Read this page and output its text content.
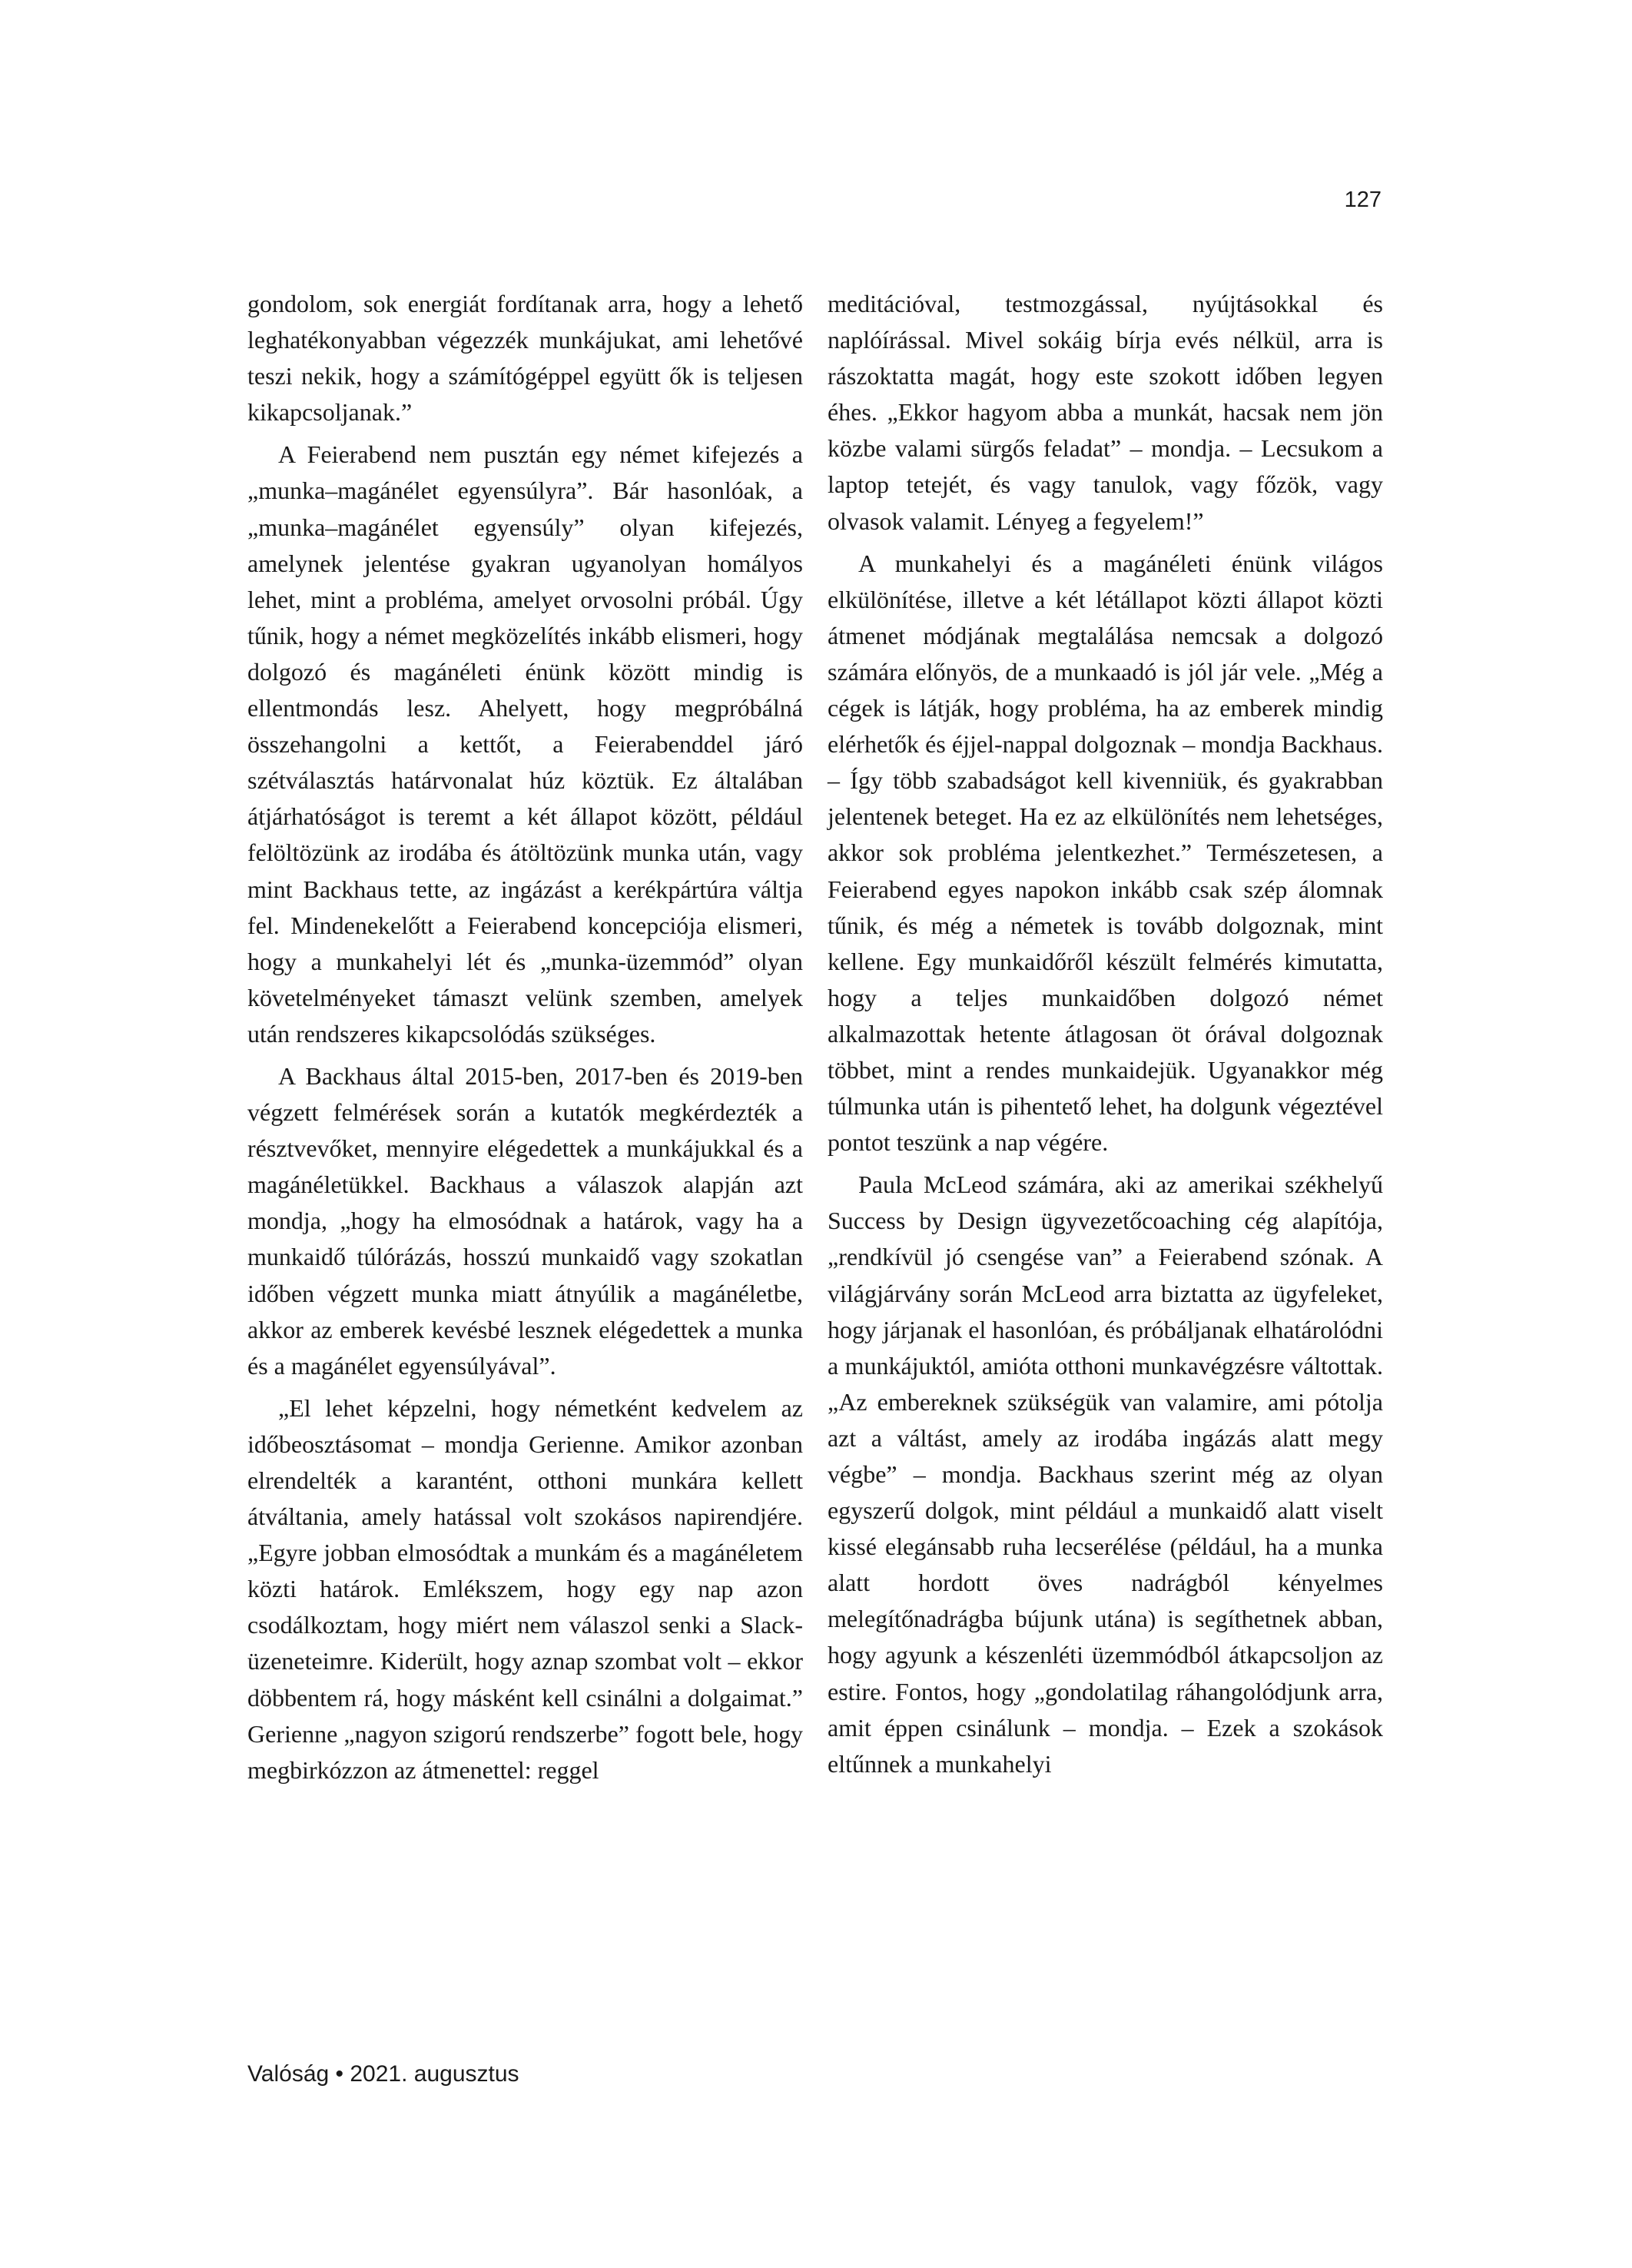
127

gondolom, sok energiát fordítanak arra, hogy a lehető leghatékonyabban végezzék munkájukat, ami lehetővé teszi nekik, hogy a számítógéppel együtt ők is teljesen kikapcsoljanak.”

A Feierabend nem pusztán egy német kifejezés a „munka–magánélet egyensúlyra”. Bár hasonlóak, a „munka–magánélet egyensúly” olyan kifejezés, amelynek jelentése gyakran ugyanolyan homályos lehet, mint a probléma, amelyet orvosolni próbál. Úgy tűnik, hogy a német megközelítés inkább elismeri, hogy dolgozó és magánéleti énünk között mindig is ellentmondás lesz. Ahelyett, hogy megpróbálná összehangolni a kettőt, a Feierabenddel járó szétválasztás határvonalat húz köztük. Ez általában átjárhatóságot is teremt a két állapot között, például felöltözünk az irodába és átöltözünk munka után, vagy mint Backhaus tette, az ingázást a kerékpártúra váltja fel. Mindenekelőtt a Feierabend koncepciója elismeri, hogy a munkahelyi lét és „munka-üzemmód” olyan követelményeket támaszt velünk szemben, amelyek után rendszeres kikapcsolódás szükséges.

A Backhaus által 2015-ben, 2017-ben és 2019-ben végzett felmérések során a kutatók megkérdezték a résztvevőket, mennyire elégedettek a munkájukkal és a magánéletükkel. Backhaus a válaszok alapján azt mondja, „hogy ha elmosódnak a határok, vagy ha a munkaidő túlórázás, hosszú munkaidő vagy szokatlan időben végzett munka miatt átnyúlik a magánéletbe, akkor az emberek kevésbé lesznek elégedettek a munka és a magánélet egyensúlyával”.

„El lehet képzelni, hogy németként kedvelem az időbeosztásomat – mondja Gerienne. Amikor azonban elrendelték a karantént, otthoni munkára kellett átváltania, amely hatással volt szokásos napirendjére. „Egyre jobban elmosódtak a munkám és a magánéletem közti határok. Emlékszem, hogy egy nap azon csodálkoztam, hogy miért nem válaszol senki a Slack-üzeneteimre. Kiderült, hogy aznap szombat volt – ekkor döbbentem rá, hogy másként kell csinálni a dolgaimat.” Gerienne „nagyon szigorú rendszerbe” fogott bele, hogy megbirkózzon az átmenettel: reggel

meditációval, testmozgással, nyújtásokkal és naplóírással. Mivel sokáig bírja evés nélkül, arra is rászoktatta magát, hogy este szokott időben legyen éhes. „Ekkor hagyom abba a munkát, hacsak nem jön közbe valami sürgős feladat” – mondja. – Lecsukom a laptop tetejét, és vagy tanulok, vagy főzök, vagy olvasok valamit. Lényeg a fegyelem!”

A munkahelyi és a magánéleti énünk világos elkülönítése, illetve a két létállapot közti állapot közti átmenet módjának megtalálása nemcsak a dolgozó számára előnyös, de a munkaadó is jól jár vele. „Még a cégek is látják, hogy probléma, ha az emberek mindig elérhetők és éjjel-nappal dolgoznak – mondja Backhaus. – Így több szabadságot kell kivenniük, és gyakrabban jelentenek beteget. Ha ez az elkülönítés nem lehetséges, akkor sok probléma jelentkezhet.” Természetesen, a Feierabend egyes napokon inkább csak szép álomnak tűnik, és még a németek is tovább dolgoznak, mint kellene. Egy munkaidőről készült felmérés kimutatta, hogy a teljes munkaidőben dolgozó német alkalmazottak hetente átlagosan öt órával dolgoznak többet, mint a rendes munkaidejük. Ugyanakkor még túlmunka után is pihentető lehet, ha dolgunk végeztével pontot teszünk a nap végére.

Paula McLeod számára, aki az amerikai székhelyű Success by Design ügyvezetőcoaching cég alapítója, „rendkívül jó csengése van” a Feierabend szónak. A világjárvány során McLeod arra biztatta az ügyfeleket, hogy járjanak el hasonlóan, és próbáljanak elhatárolódni a munkájuktól, amióta otthoni munkavégzésre váltottak. „Az embereknek szükségük van valamire, ami pótolja azt a váltást, amely az irodába ingázás alatt megy végbe” – mondja. Backhaus szerint még az olyan egyszerű dolgok, mint például a munkaidő alatt viselt kissé elegánsabb ruha lecserélése (például, ha a munka alatt hordott öves nadrágból kényelmes melegítőnadrágba bújunk utána) is segíthetnek abban, hogy agyunk a készenléti üzemmódból átkapcsoljon az estire. Fontos, hogy „gondolatilag ráhangolódjunk arra, amit éppen csinálunk – mondja. – Ezek a szokások eltűnnek a munkahelyi

Valóság • 2021. augusztus
